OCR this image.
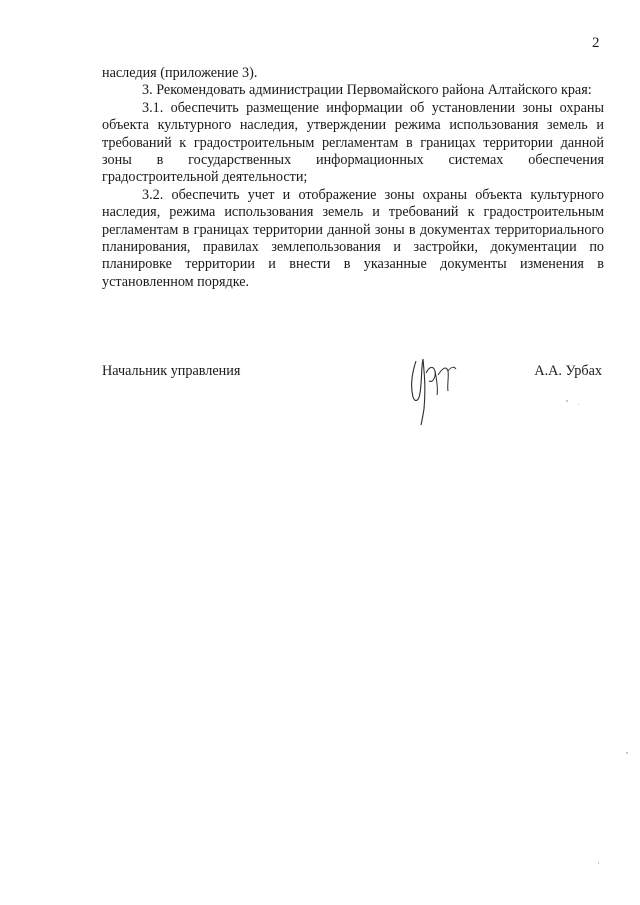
2

наследия (приложение 3).

3. Рекомендовать администрации Первомайского района Алтайского края:

3.1. обеспечить размещение информации об установлении зоны охраны объекта культурного наследия, утверждении режима использования земель и требований к градостроительным регламентам в границах территории данной зоны в государственных информационных системах обеспечения градостроительной деятельности;

3.2. обеспечить учет и отображение зоны охраны объекта культурного наследия, режима использования земель и требований к градостроительным регламентам в границах территории данной зоны в документах территориального планирования, правилах землепользования и застройки, документации по планировке территории и внести в указанные документы изменения в установленном порядке.

Начальник управления	А.А. Урбах
